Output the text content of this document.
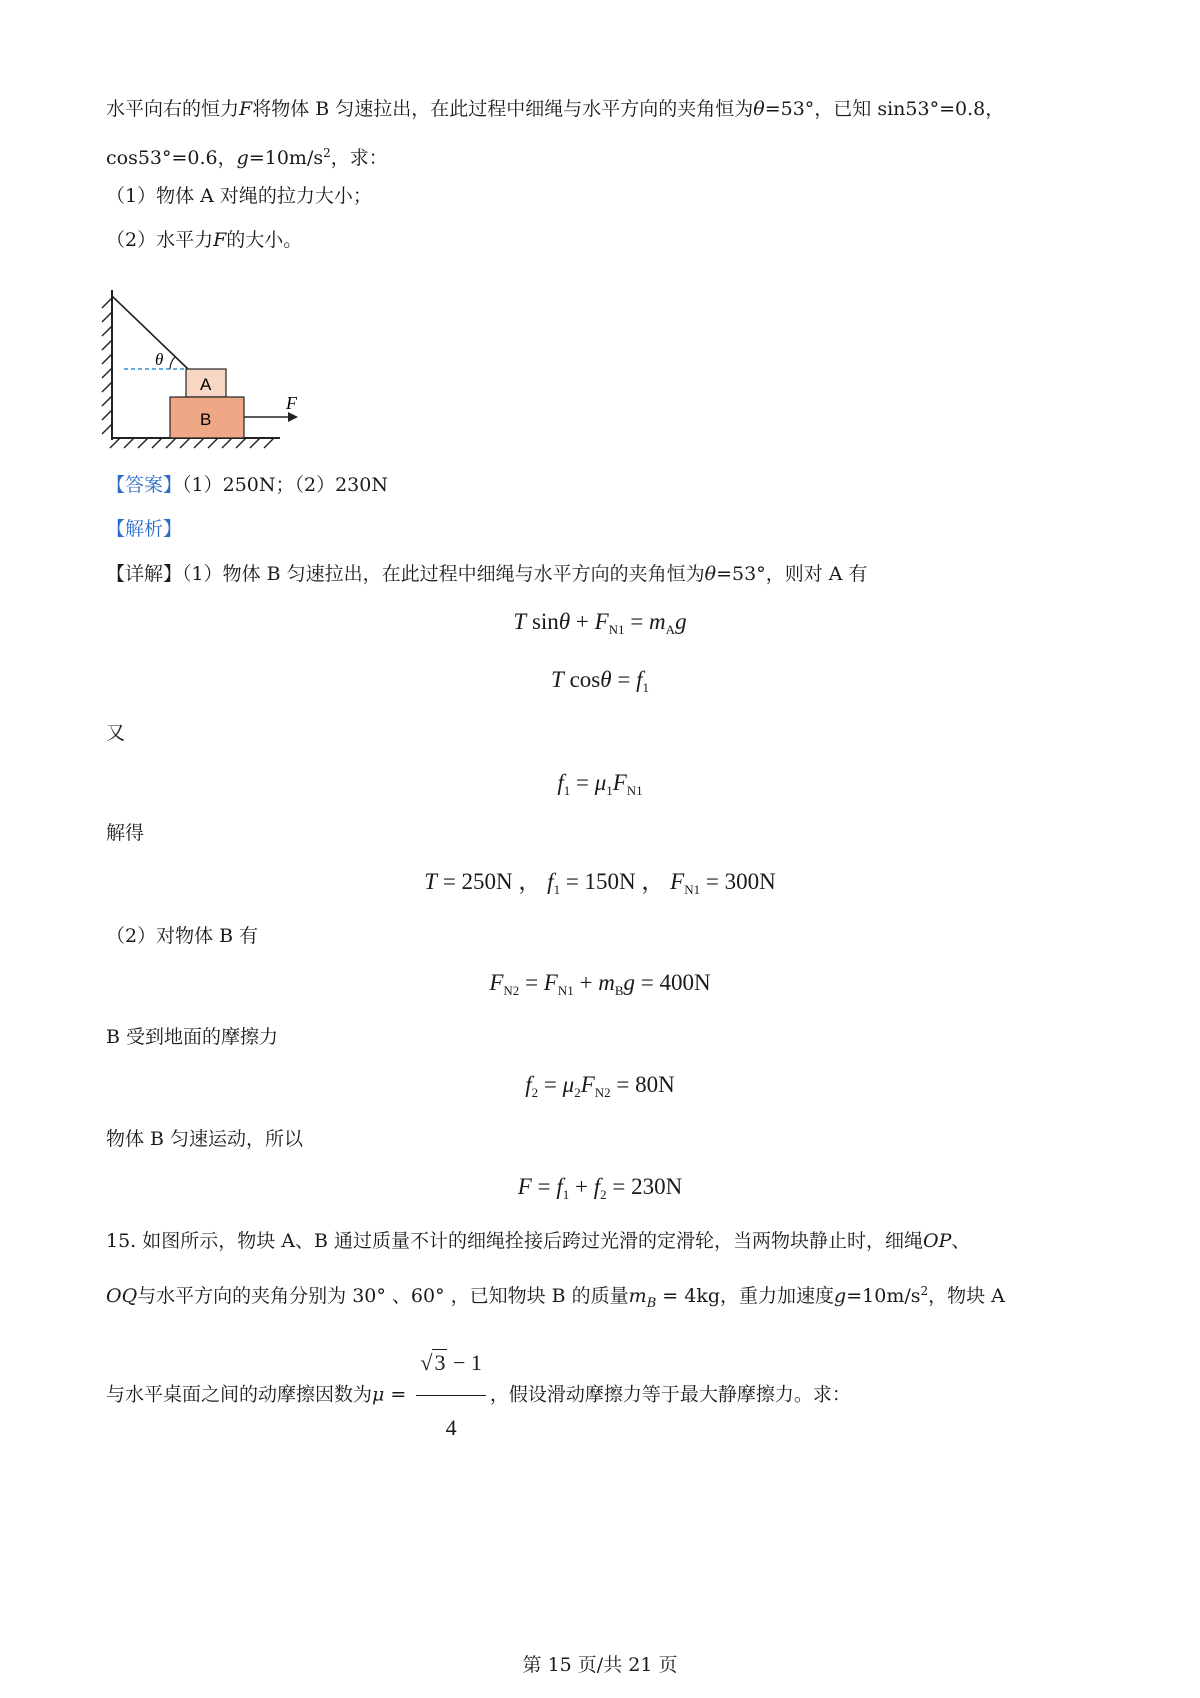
水平向右的恒力F将物体 B 匀速拉出，在此过程中细绳与水平方向的夹角恒为θ=53°，已知 sin53°=0.8，
cos53°=0.6，$g=10m/s^2$，求：
（1）物体 A 对绳的拉力大小；
（2）水平力F的大小。
θ
A
B
F
【答案】（1）250N；（2）230N
【解析】
【详解】（1）物体 B 匀速拉出，在此过程中细绳与水平方向的夹角恒为θ=53°，则对 A 有
T $\sin\theta + F_{N1} = m_Ag$
T $\cos\theta = f_1$
又
$f_1 = \mu_1F_{N1}$
解得
T = 250N ， $f_1 = 150N$ ， $F_{N1} = 300N$
（2）对物体 B 有
$F_{N2} = F_{N1} + m_Bg = 400N$
B 受到地面的摩擦力
$f_2 = \mu_2F_{N2} = 80N$
物体 B 匀速运动，所以
$F = f_1 + f_2 = 230N$
15. 如图所示，物块 A、B 通过质量不计的细绳拴接后跨过光滑的定滑轮，当两物块静止时，细绳OP、
OQ与水平方向的夹角分别为 30° 、60° ，已知物块 B 的质量$m_B = 4kg$，重力加速度$g=10m/s^2$，物块 A
与水平桌面之间的动摩擦因数为$\mu = \frac{√3 - 1}{4}$ ，假设滑动摩擦力等于最大静摩擦力。求：
第 15 页/共 21 页
